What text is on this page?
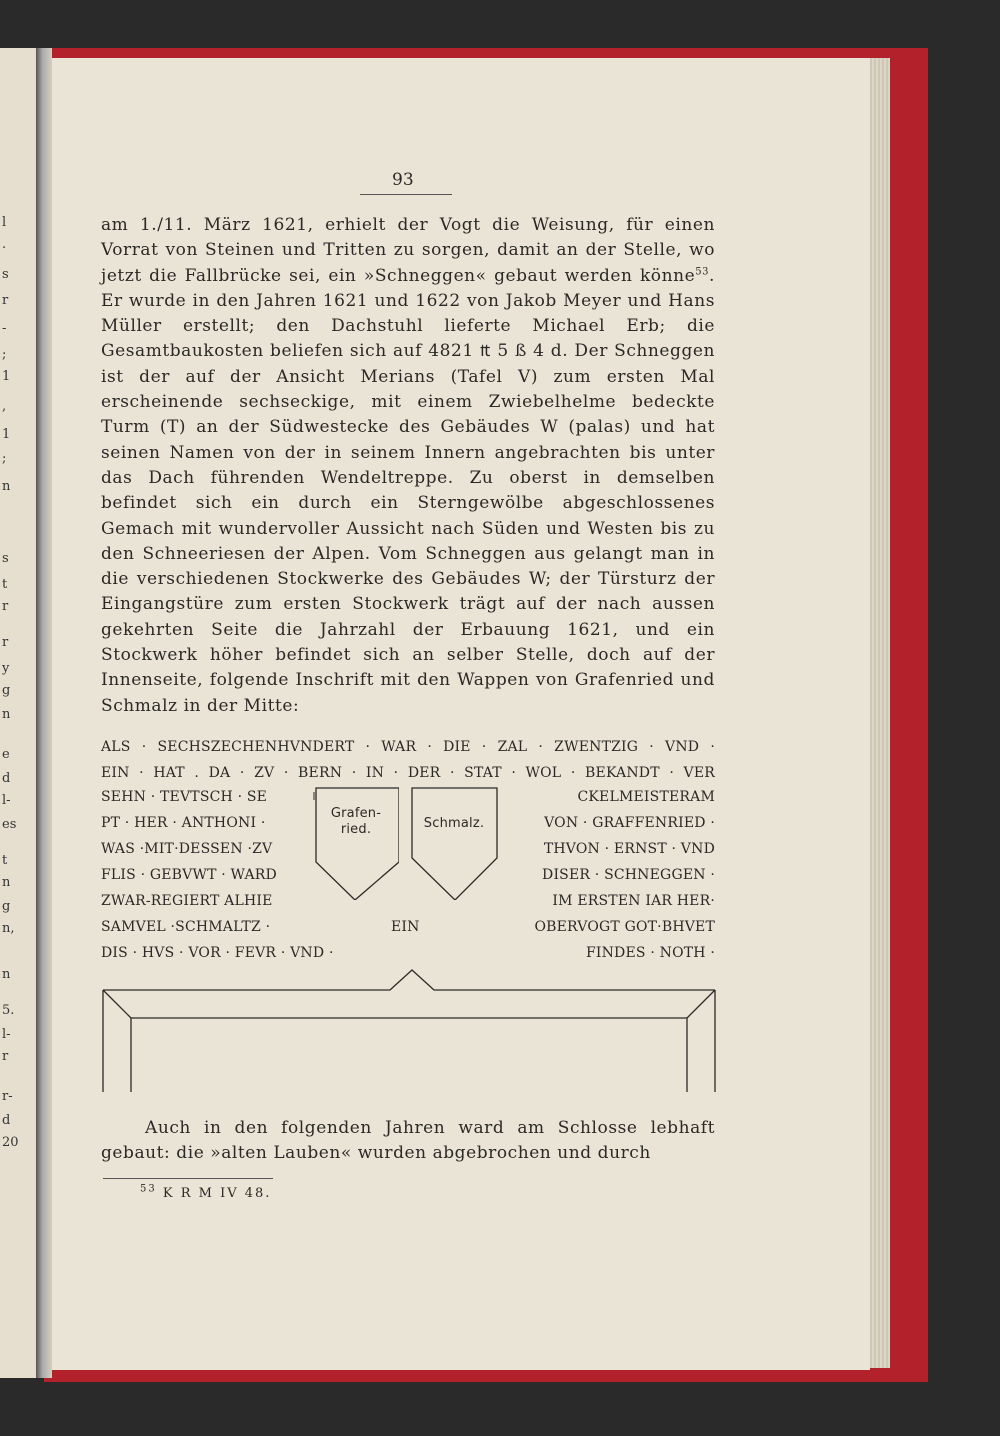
l
.
s
r
-
;
1
,
1
;
n
s
t
r
r
y
g
n
e
d
l-
es
t
n
g
n,
n
5.
l-
r
r-
d
20
93

am 1./11. März 1621, erhielt der Vogt die Weisung, für einen Vorrat von Steinen und Tritten zu sorgen, damit an der Stelle, wo jetzt die Fallbrücke sei, ein »Schneggen« gebaut werden könne$^{53}$. Er wurde in den Jahren 1621 und 1622 von Jakob Meyer und Hans Müller erstellt; den Dachstuhl lieferte Michael Erb; die Gesamtbaukosten beliefen sich auf 4821 ₶ 5 ß 4 d. Der Schneggen ist der auf der Ansicht Merians (Tafel V) zum ersten Mal erscheinende sechseckige, mit einem Zwiebelhelme bedeckte Turm (T) an der Südwestecke des Gebäudes W (palas) und hat seinen Namen von der in seinem Innern angebrachten bis unter das Dach führenden Wendeltreppe. Zu oberst in demselben befindet sich ein durch ein Sterngewölbe abgeschlossenes Gemach mit wundervoller Aussicht nach Süden und Westen bis zu den Schneeriesen der Alpen. Vom Schneggen aus gelangt man in die verschiedenen Stockwerke des Gebäudes W; der Türsturz der Eingangstüre zum ersten Stockwerk trägt auf der nach aussen gekehrten Seite die Jahrzahl der Erbauung 1621, und ein Stockwerk höher befindet sich an selber Stelle, doch auf der Innenseite, folgende Inschrift mit den Wappen von Grafenried und Schmalz in der Mitte:

ALS · SECHSZECHENHVNDERT · WAR · DIE · ZAL · ZWENTZIG · VND ·
EIN · HAT . DA · ZV · BERN · IN · DER · STAT · WOL · BEKANDT · VER
SEHN · TEVTSCH · SE
PT · HER · ANTHONI ·
WAS ·MIT·DESSEN ·ZV
FLIS · GEBVWT · WARD
ZWAR-REGIERT ALHIE
SAMVEL ·SCHMALTZ ·
DIS · HVS · VOR · FEVR · VND ·
CKELMEISTERAM
VON · GRAFFENRIED ·
THVON · ERNST · VND
DISER · SCHNEGGEN ·
IM ERSTEN IAR HER·
OBERVOGT GOT·BHVET
FINDES · NOTH ·
EIN
Grafen-
ried.	Schmalz.

Auch in den folgenden Jahren ward am Schlosse lebhaft gebaut: die »alten Lauben« wurden abgebrochen und durch

$^{53}$ K R M IV 48.
